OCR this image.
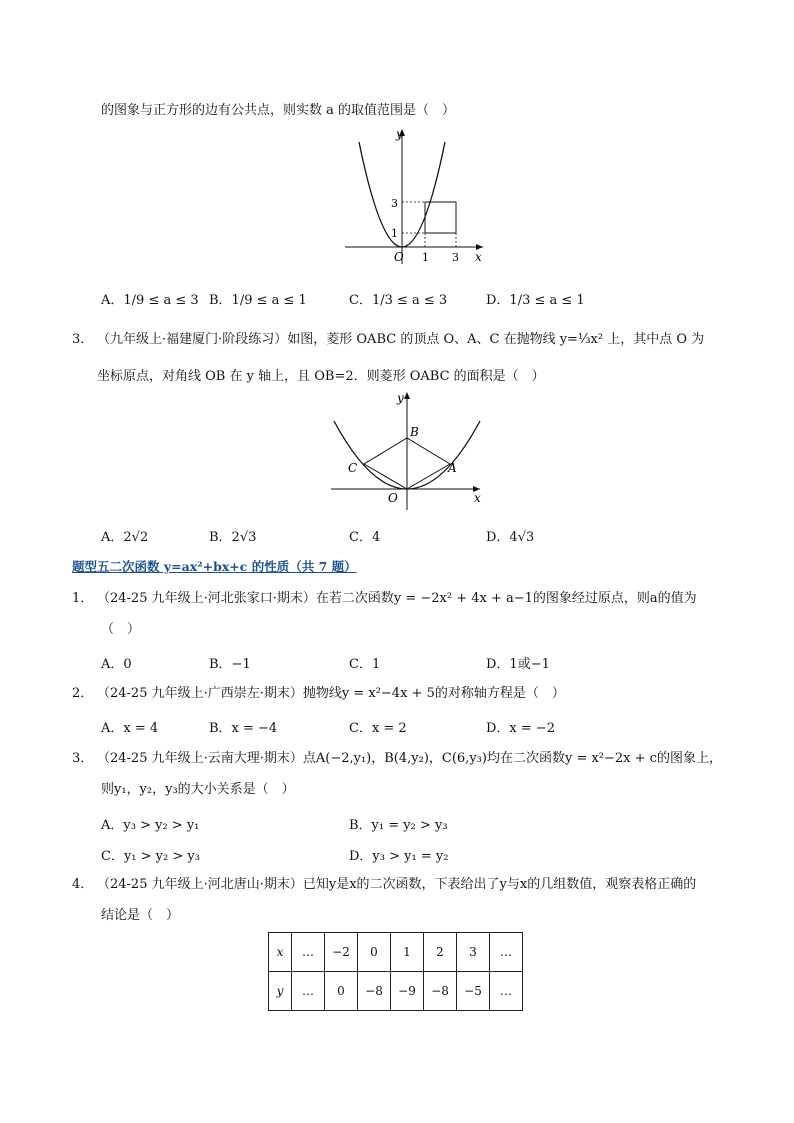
的图象与正方形的边有公共点，则实数 a 的取值范围是（　）
y
x
O
3
1
1 3
A．1/9 ≤ a ≤ 3 B．1/9 ≤ a ≤ 1	C．1/3 ≤ a ≤ 3	D．1/3 ≤ a ≤ 1
3． （九年级上·福建厦门·阶段练习）如图，菱形 OABC 的顶点 O、A、C 在抛物线 y=⅓x² 上，其中点 O 为
坐标原点，对角线 OB 在 y 轴上，且 OB=2．则菱形 OABC 的面积是（　）
y
x
B
C	A
O
A．2√2	B．2√3	C．4	D．4√3
题型五二次函数 y=ax²+bx+c 的性质（共 7 题）
1． （24-25 九年级上·河北张家口·期末）在若二次函数y = −2x² + 4x + a−1的图象经过原点，则a的值为
（　）
A．0	B．−1	C．1	D．1或−1
2． （24-25 九年级上·广西崇左·期末）抛物线y = x²−4x + 5的对称轴方程是（　）
A．x = 4	B．x = −4	C．x = 2	D．x = −2
3． （24-25 九年级上·云南大理·期末）点A(−2,y₁)，B(4,y₂)，C(6,y₃)均在二次函数y = x²−2x + c的图象上，
则y₁，y₂，y₃的大小关系是（　）
A．y₃ > y₂ > y₁	B．y₁ = y₂ > y₃
C．y₁ > y₂ > y₃	D．y₃ > y₁ = y₂
4． （24-25 九年级上·河北唐山·期末）已知y是x的二次函数，下表给出了y与x的几组数值，观察表格正确的
结论是（　）
x	…	−2	0	1	2	3	…
y	…	0	−8	−9	−8	−5	…
